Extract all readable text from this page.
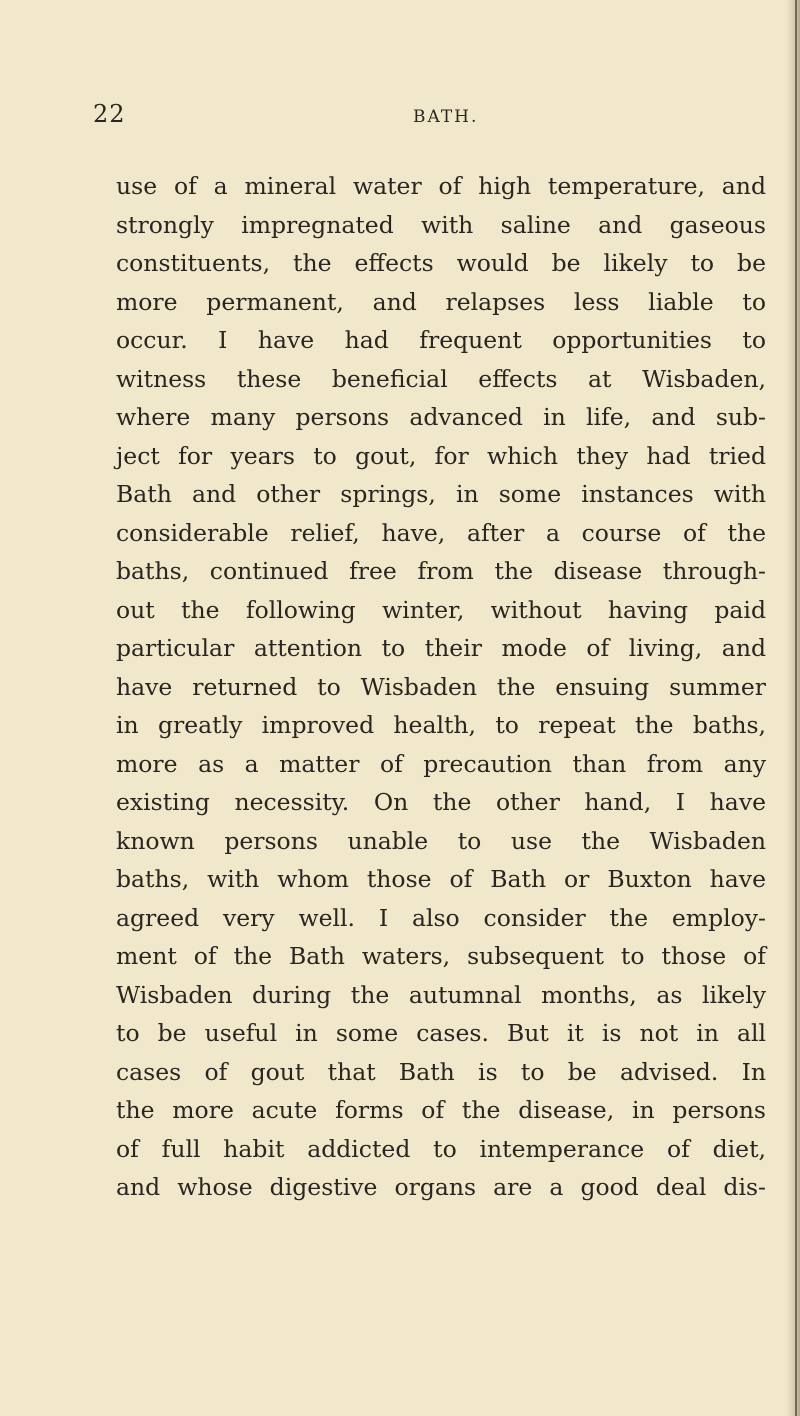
22	BATH.
use of a mineral water of high temperature, and
strongly impregnated with saline and gaseous
constituents, the effects would be likely to be
more permanent, and relapses less liable to
occur. I have had frequent opportunities to
witness these beneficial effects at Wisbaden,
where many persons advanced in life, and sub-
ject for years to gout, for which they had tried
Bath and other springs, in some instances with
considerable relief, have, after a course of the
baths, continued free from the disease through-
out the following winter, without having paid
particular attention to their mode of living, and
have returned to Wisbaden the ensuing summer
in greatly improved health, to repeat the baths,
more as a matter of precaution than from any
existing necessity. On the other hand, I have
known persons unable to use the Wisbaden
baths, with whom those of Bath or Buxton have
agreed very well. I also consider the employ-
ment of the Bath waters, subsequent to those of
Wisbaden during the autumnal months, as likely
to be useful in some cases. But it is not in all
cases of gout that Bath is to be advised. In
the more acute forms of the disease, in persons
of full habit addicted to intemperance of diet,
and whose digestive organs are a good deal dis-
